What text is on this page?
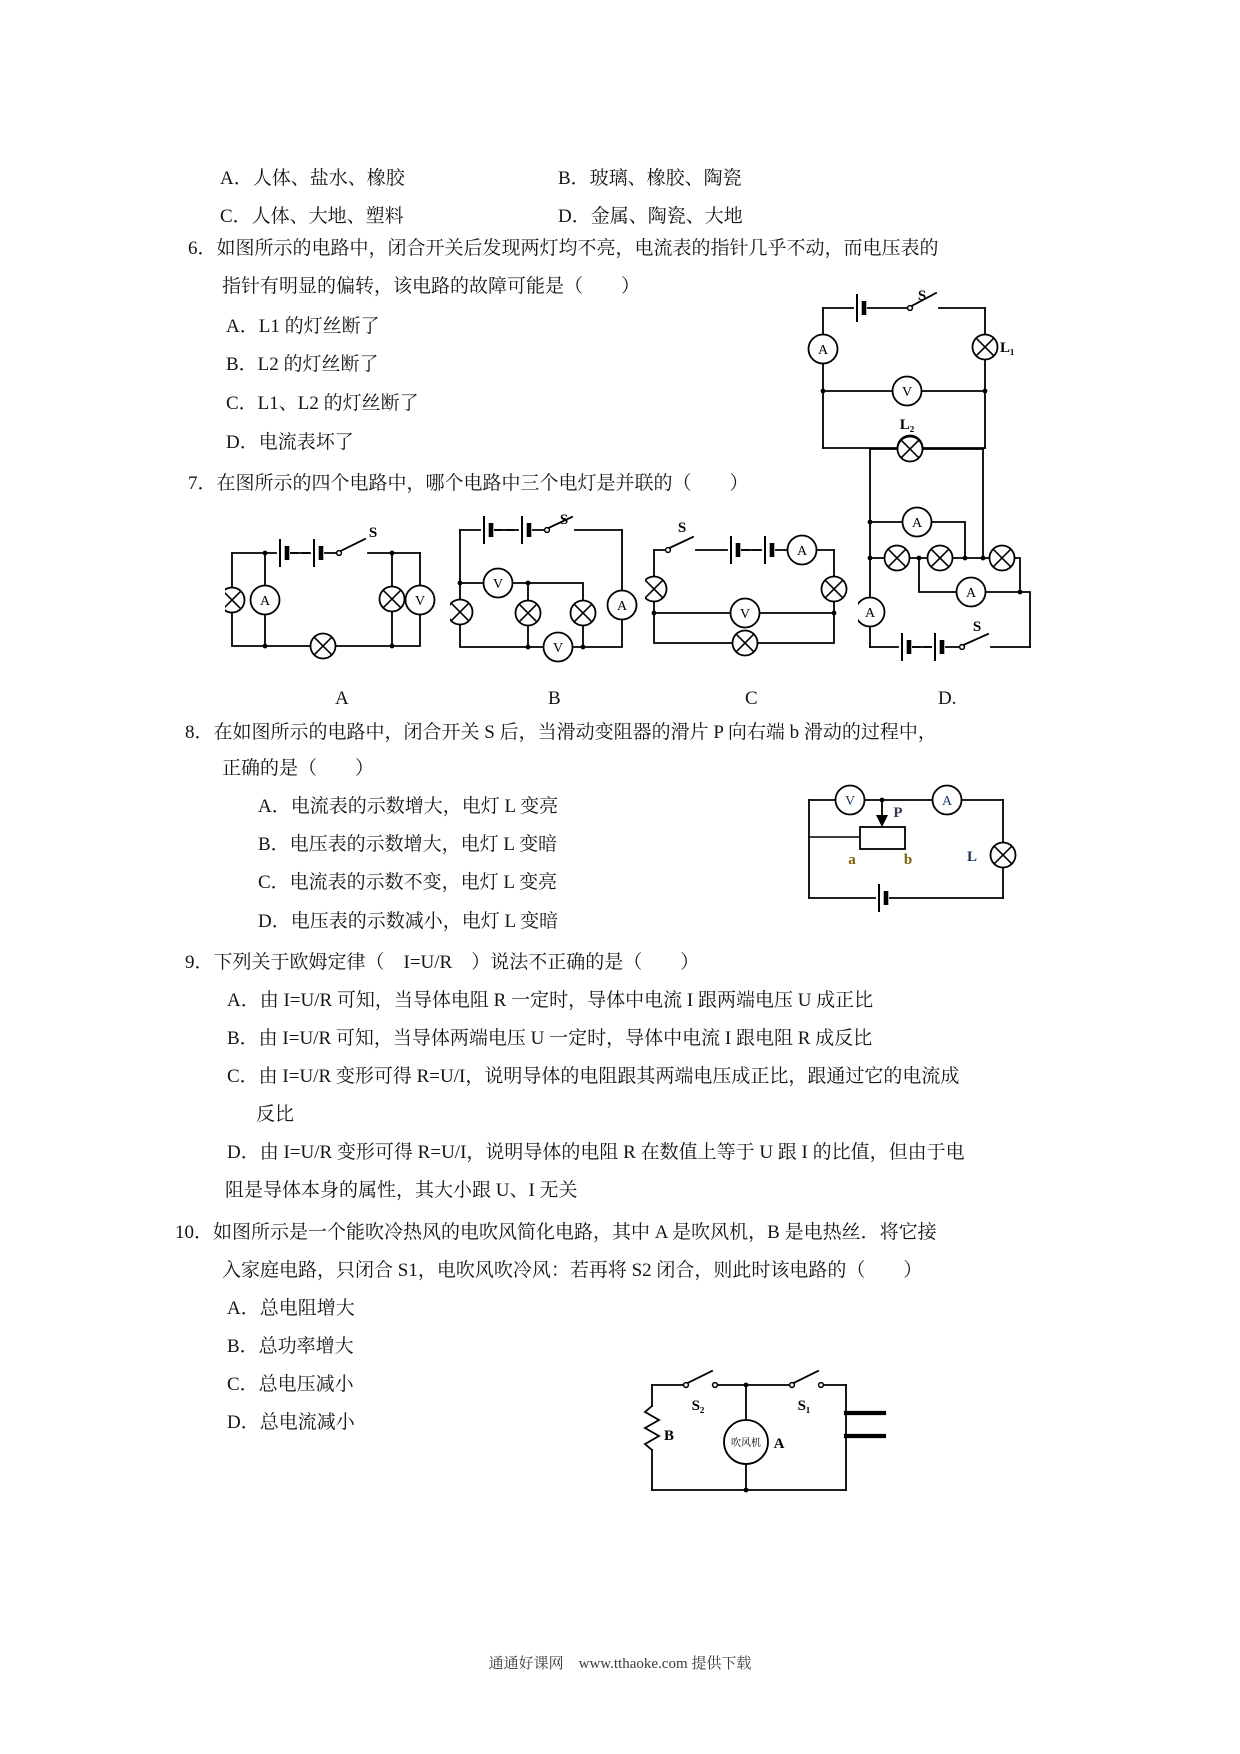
A．人体、盐水、橡胶	B．玻璃、橡胶、陶瓷
C．人体、大地、塑料	D．金属、陶瓷、大地
6．如图所示的电路中，闭合开关后发现两灯均不亮，电流表的指针几乎不动，而电压表的
指针有明显的偏转，该电路的故障可能是（　　）
A．L1 的灯丝断了
B．L2 的灯丝断了
C．L1、L2 的灯丝断了
D．电流表坏了
S
A	L₁
V
L₂
7．在图所示的四个电路中，哪个电路中三个电灯是并联的（　　）
S
A	V
S
A
V
V
S
A
V
A
A
A
S
A	B	C	D.
8．在如图所示的电路中，闭合开关 S 后，当滑动变阻器的滑片 P 向右端 b 滑动的过程中，
正确的是（　　）
A．电流表的示数增大，电灯 L 变亮
B．电压表的示数增大，电灯 L 变暗
C．电流表的示数不变，电灯 L 变亮
D．电压表的示数减小，电灯 L 变暗
V	A
P
a	b	L
9．下列关于欧姆定律（　I=U/R　）说法不正确的是（　　）
A．由 I=U/R 可知，当导体电阻 R 一定时，导体中电流 I 跟两端电压 U 成正比
B．由 I=U/R 可知，当导体两端电压 U 一定时，导体中电流 I 跟电阻 R 成反比
C．由 I=U/R 变形可得 R=U/I，说明导体的电阻跟其两端电压成正比，跟通过它的电流成
反比
D．由 I=U/R 变形可得 R=U/I，说明导体的电阻 R 在数值上等于 U 跟 I 的比值，但由于电
阻是导体本身的属性，其大小跟 U、I 无关
10．如图所示是一个能吹冷热风的电吹风简化电路，其中 A 是吹风机，B 是电热丝．将它接
入家庭电路，只闭合 S1，电吹风吹冷风：若再将 S2 闭合，则此时该电路的（　　）
A．总电阻增大
B．总功率增大
C．总电压减小
D．总电流减小
S₂	S₁
B	吹风机 A
通通好课网　www.tthaoke.com 提供下载
